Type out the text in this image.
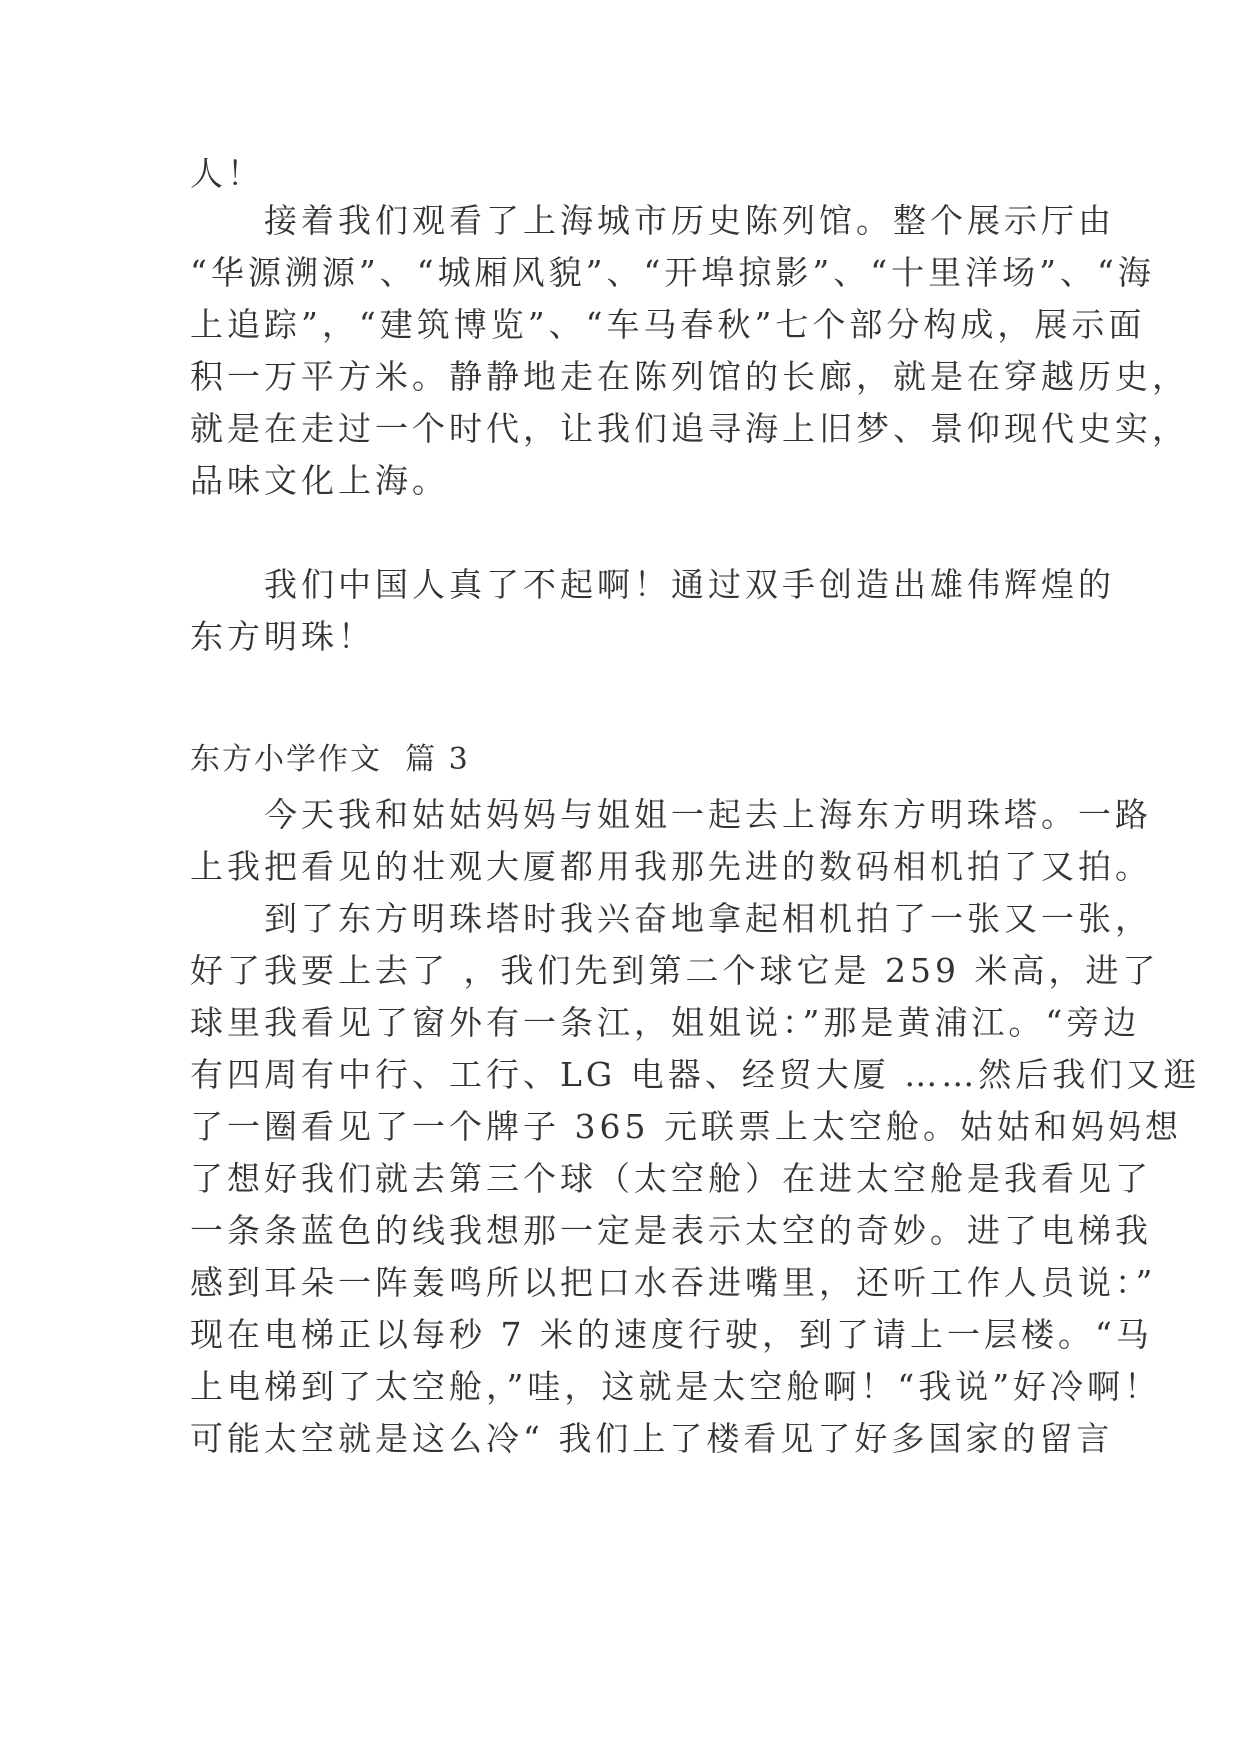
人！
　　接着我们观看了上海城市历史陈列馆。整个展示厅由
“华源溯源”、“城厢风貌”、“开埠掠影”、“十里洋场”、“海
上追踪”，“建筑博览”、“车马春秋”七个部分构成，展示面
积一万平方米。静静地走在陈列馆的长廊，就是在穿越历史，
就是在走过一个时代，让我们追寻海上旧梦、景仰现代史实，
品味文化上海。
　　我们中国人真了不起啊！通过双手创造出雄伟辉煌的
东方明珠！
东方小学作文  篇 3
　　今天我和姑姑妈妈与姐姐一起去上海东方明珠塔。一路
上我把看见的壮观大厦都用我那先进的数码相机拍了又拍。
　　到了东方明珠塔时我兴奋地拿起相机拍了一张又一张，
好了我要上去了 ，我们先到第二个球它是 259 米高，进了
球里我看见了窗外有一条江，姐姐说：”那是黄浦江。“旁边
有四周有中行、工行、LG 电器、经贸大厦 ……然后我们又逛
了一圈看见了一个牌子 365 元联票上太空舱。姑姑和妈妈想
了想好我们就去第三个球（太空舱）在进太空舱是我看见了
一条条蓝色的线我想那一定是表示太空的奇妙。进了电梯我
感到耳朵一阵轰鸣所以把口水吞进嘴里，还听工作人员说：”
现在电梯正以每秒 7 米的速度行驶，到了请上一层楼。“马
上电梯到了太空舱，”哇，这就是太空舱啊！“我说”好冷啊！
可能太空就是这么冷“ 我们上了楼看见了好多国家的留言
